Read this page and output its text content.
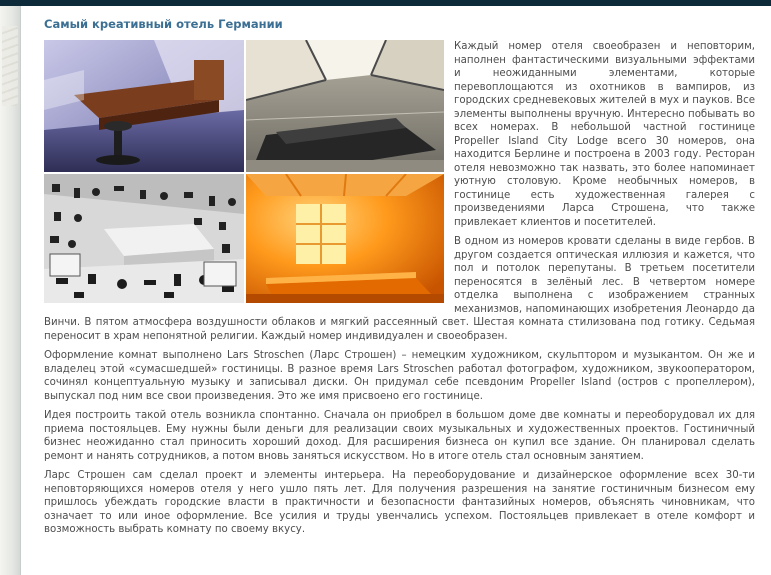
Самый креативный отель Германии

Каждый номер отеля своеобразен и неповторим, наполнен фантастическими визуальными эффектами и неожиданными элементами, которые перевоплощаются из охотников в вампиров, из городских средневековых жителей в мух и пауков. Все элементы выполнены вручную. Интересно побывать во всех номерах. В небольшой частной гостинице Propeller Island City Lodge всего 30 номеров, она находится Берлине и построена в 2003 году. Ресторан отеля невозможно так назвать, это более напоминает уютную столовую. Кроме необычных номеров, в гостинице есть художественная галерея с произведениями Ларса Строшена, что также привлекает клиентов и посетителей.

В одном из номеров кровати сделаны в виде гербов. В другом создается оптическая иллюзия и кажется, что пол и потолок перепутаны. В третьем посетители переносятся в зелёный лес. В четвертом номере отделка выполнена с изображением странных механизмов, напоминающих изобретения Леонардо да Винчи. В пятом атмосфера воздушности облаков и мягкий рассеянный свет. Шестая комната стилизована под готику. Седьмая переносит в храм непонятной религии. Каждый номер индивидуален и своеобразен.

Оформление комнат выполнено Lars Stroschen (Ларс Строшен) – немецким художником, скульптором и музыкантом. Он же и владелец этой «сумасшедшей» гостиницы. В разное время Lars Stroschen работал фотографом, художником, звукооператором, сочинял концептуальную музыку и записывал диски. Он придумал себе псевдоним Propeller Island (остров с пропеллером), выпускал под ним все свои произведения. Это же имя присвоено его гостинице.

Идея построить такой отель возникла спонтанно. Сначала он приобрел в большом доме две комнаты и переоборудовал их для приема постояльцев. Ему нужны были деньги для реализации своих музыкальных и художественных проектов. Гостиничный бизнес неожиданно стал приносить хороший доход. Для расширения бизнеса он купил все здание. Он планировал сделать ремонт и нанять сотрудников, а потом вновь заняться искусством. Но в итоге отель стал основным занятием.

Ларс Строшен сам сделал проект и элементы интерьера. На переоборудование и дизайнерское оформление всех 30-ти неповторяющихся номеров отеля у него ушло пять лет. Для получения разрешения на занятие гостиничным бизнесом ему пришлось убеждать городские власти в практичности и безопасности фантазийных номеров, объяснять чиновникам, что означает то или иное оформление. Все усилия и труды увенчались успехом. Постояльцев привлекает в отеле комфорт и возможность выбрать комнату по своему вкусу.
